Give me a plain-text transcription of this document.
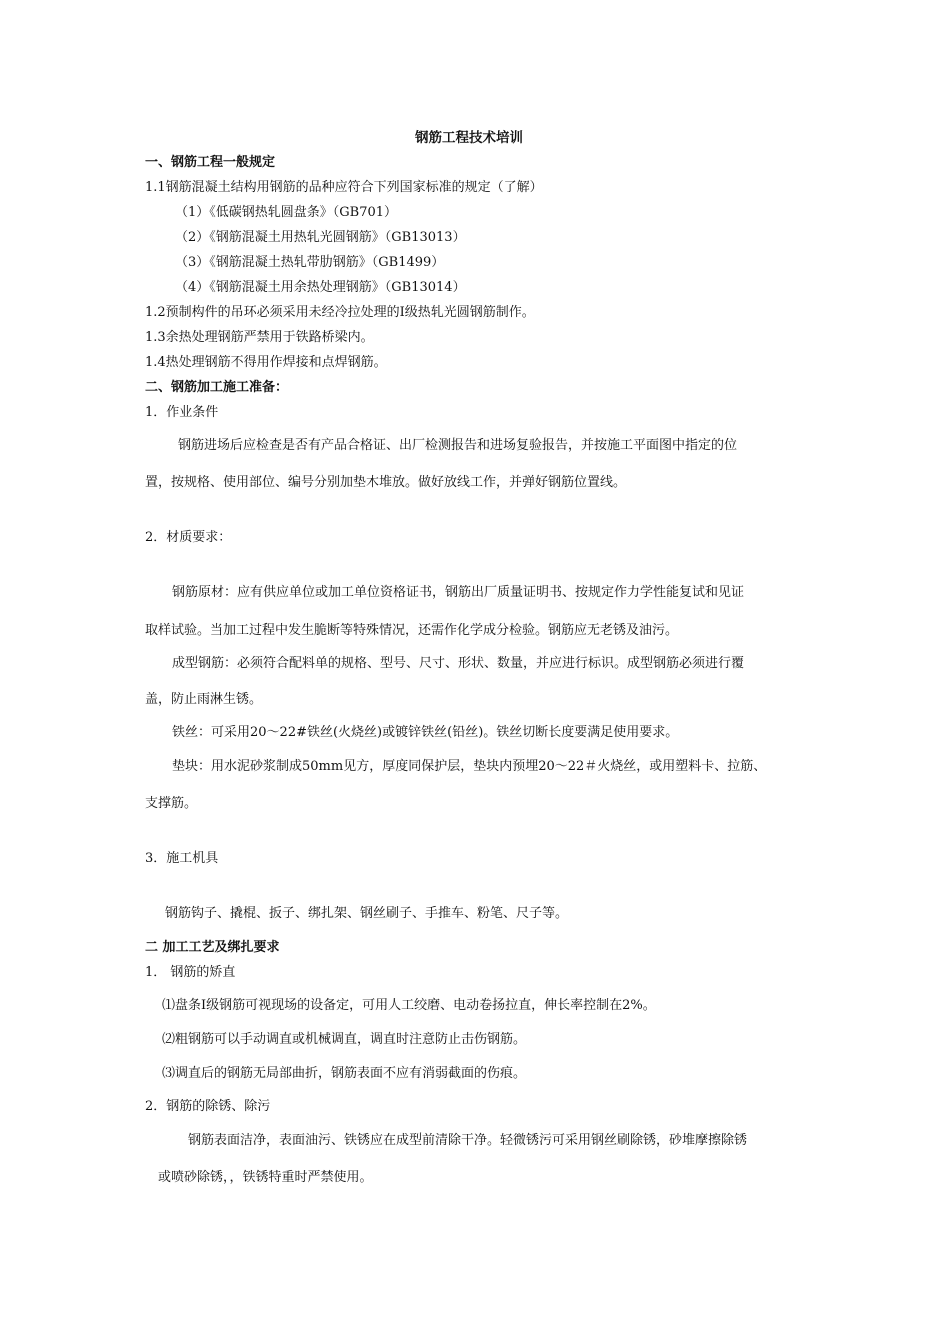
钢筋工程技术培训
一、钢筋工程一般规定
1.1钢筋混凝土结构用钢筋的品种应符合下列国家标准的规定（了解）
（1）《低碳钢热轧圆盘条》（GB701）
（2）《钢筋混凝土用热轧光圆钢筋》（GB13013）
（3）《钢筋混凝土热轧带肋钢筋》（GB1499）
（4）《钢筋混凝土用余热处理钢筋》（GB13014）
1.2预制构件的吊环必须采用未经冷拉处理的Ⅰ级热轧光圆钢筋制作。
1.3余热处理钢筋严禁用于铁路桥梁内。
1.4热处理钢筋不得用作焊接和点焊钢筋。
二、钢筋加工施工准备：
1．作业条件
钢筋进场后应检查是否有产品合格证、出厂检测报告和进场复验报告，并按施工平面图中指定的位
置，按规格、使用部位、编号分别加垫木堆放。做好放线工作，并弹好钢筋位置线。
2．材质要求：
钢筋原材：应有供应单位或加工单位资格证书，钢筋出厂质量证明书、按规定作力学性能复试和见证
取样试验。当加工过程中发生脆断等特殊情况，还需作化学成分检验。钢筋应无老锈及油污。
成型钢筋：必须符合配料单的规格、型号、尺寸、形状、数量，并应进行标识。成型钢筋必须进行覆
盖，防止雨淋生锈。
铁丝：可采用20～22#铁丝(火烧丝)或镀锌铁丝(铅丝)。铁丝切断长度要满足使用要求。
垫块：用水泥砂浆制成50mm见方，厚度同保护层，垫块内预埋20～22＃火烧丝，或用塑料卡、拉筋、
支撑筋。
3．施工机具
钢筋钩子、撬棍、扳子、绑扎架、钢丝刷子、手推车、粉笔、尺子等。
二 加工工艺及绑扎要求
1． 钢筋的矫直
⑴盘条Ⅰ级钢筋可视现场的设备定，可用人工绞磨、电动卷扬拉直，伸长率控制在2%。
⑵粗钢筋可以手动调直或机械调直，调直时注意防止击伤钢筋。
⑶调直后的钢筋无局部曲折，钢筋表面不应有消弱截面的伤痕。
2．钢筋的除锈、除污
钢筋表面洁净，表面油污、铁锈应在成型前清除干净。轻微锈污可采用钢丝刷除锈，砂堆摩擦除锈
或喷砂除锈，，铁锈特重时严禁使用。
